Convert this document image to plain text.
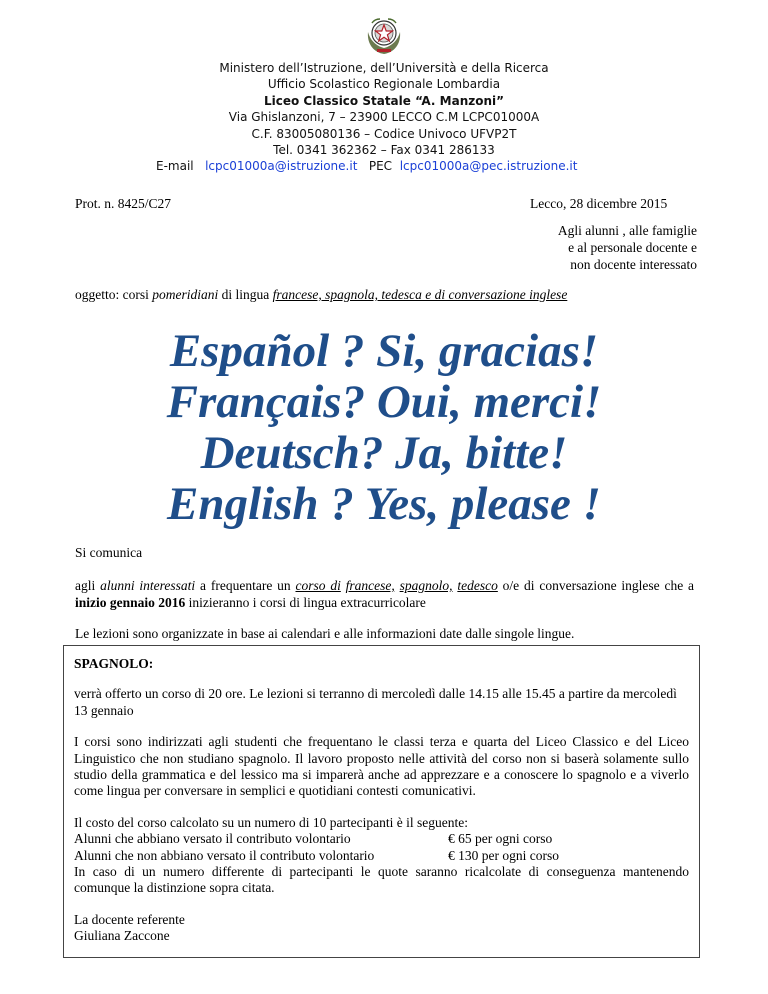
Ministero dell’Istruzione, dell’Università e della Ricerca
Ufficio Scolastico Regionale Lombardia
Liceo Classico Statale “A. Manzoni”
Via Ghislanzoni, 7 – 23900 LECCO C.M LCPC01000A
C.F. 83005080136 – Codice Univoco UFVP2T
Tel. 0341 362362 – Fax 0341 286133
E-mail lcpc01000a@istruzione.it PEC lcpc01000a@pec.istruzione.it
Prot. n. 8425/C27	Lecco, 28 dicembre 2015
Agli alunni , alle famiglie
e al personale docente e
non docente interessato
oggetto: corsi pomeridiani di lingua francese, spagnola, tedesca e di conversazione inglese
Español ? Si, gracias!
Français? Oui, merci!
Deutsch? Ja, bitte!
English ? Yes, please !
Si comunica
agli alunni interessati a frequentare un corso di francese, spagnolo, tedesco o/e di conversazione inglese che a inizio gennaio 2016 inizieranno i corsi di lingua extracurricolare
Le lezioni sono organizzate in base ai calendari e alle informazioni date dalle singole lingue.

SPAGNOLO:

verrà offerto un corso di 20 ore. Le lezioni si terranno di mercoledì dalle 14.15 alle 15.45 a partire da mercoledì 13 gennaio

I corsi sono indirizzati agli studenti che frequentano le classi terza e quarta del Liceo Classico e del Liceo Linguistico che non studiano spagnolo. Il lavoro proposto nelle attività del corso non si baserà solamente sullo studio della grammatica e del lessico ma si imparerà anche ad apprezzare e a conoscere lo spagnolo e a viverlo come lingua per conversare in semplici e quotidiani contesti comunicativi.

Il costo del corso calcolato su un numero di 10 partecipanti è il seguente:
Alunni che abbiano versato il contributo volontario	€ 65 per ogni corso
Alunni che non abbiano versato il contributo volontario	€ 130 per ogni corso
In caso di un numero differente di partecipanti le quote saranno ricalcolate di conseguenza mantenendo comunque la distinzione sopra citata.

La docente referente
Giuliana Zaccone
